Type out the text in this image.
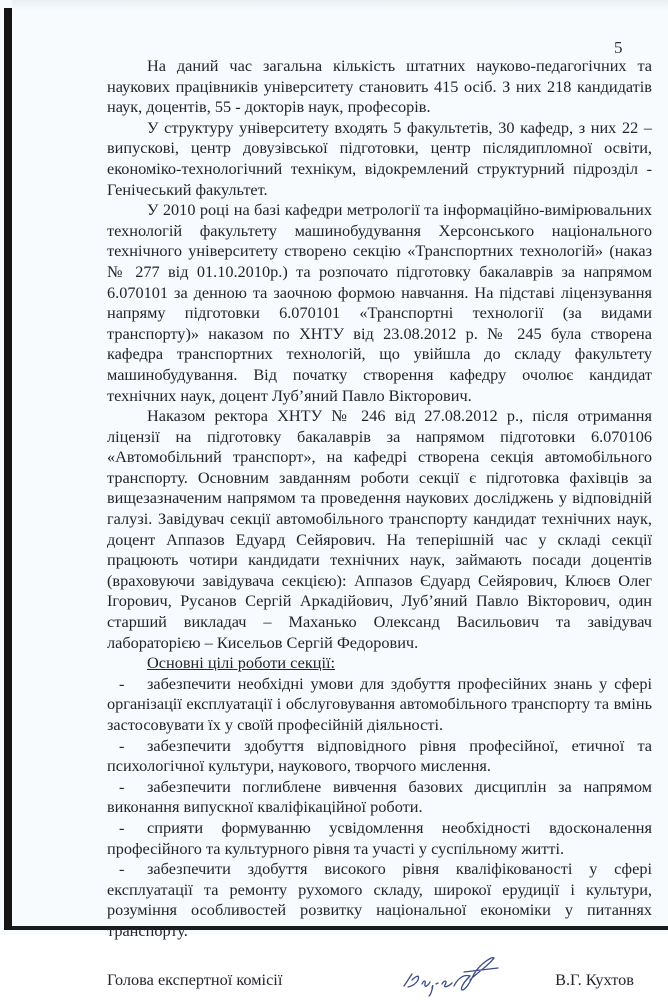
5

На даний час загальна кількість штатних науково-педагогічних та наукових працівників університету становить 415 осіб. З них 218 кандидатів наук, доцентів, 55 - докторів наук, професорів.

У структуру університету входять 5 факультетів, 30 кафедр, з них 22 – випускові, центр довузівської підготовки, центр післядипломної освіти, економіко-технологічний технікум, відокремлений структурний підрозділ - Генічеський факультет.

У 2010 році на базі кафедри метрології та інформаційно-вимірювальних технологій факультету машинобудування Херсонського національного технічного університету створено секцію «Транспортних технологій» (наказ № 277 від 01.10.2010р.) та розпочато підготовку бакалаврів за напрямом 6.070101 за денною та заочною формою навчання. На підставі ліцензування напряму підготовки 6.070101 «Транспортні технології (за видами транспорту)» наказом по ХНТУ від 23.08.2012 р. № 245 була створена кафедра транспортних технологій, що увійшла до складу факультету машинобудування. Від початку створення кафедру очолює кандидат технічних наук, доцент Луб’яний Павло Вікторович.

Наказом ректора ХНТУ № 246 від 27.08.2012 р., після отримання ліцензії на підготовку бакалаврів за напрямом підготовки 6.070106 «Автомобільний транспорт», на кафедрі створена секція автомобільного транспорту. Основним завданням роботи секції є підготовка фахівців за вищезазначеним напрямом та проведення наукових досліджень у відповідній галузі. Завідувач секції автомобільного транспорту кандидат технічних наук, доцент Аппазов Едуард Сейярович. На теперішній час у складі секції працюють чотири кандидати технічних наук, займають посади доцентів (враховуючи завідувача секцією): Аппазов Єдуард Сейярович, Клюєв Олег Ігорович, Русанов Сергій Аркадійович, Луб’яний Павло Вікторович, один старший викладач – Маханько Олександ Васильович та завідувач лабораторією – Кисельов Сергій Федорович.

Основні цілі роботи секції:

- забезпечити необхідні умови для здобуття професійних знань у сфері організації експлуатації і обслуговування автомобільного транспорту та вмінь застосовувати їх у своїй професійній діяльності.

- забезпечити здобуття відповідного рівня професійної, етичної та психологічної культури, наукового, творчого мислення.

- забезпечити поглиблене вивчення базових дисциплін за напрямом виконання випускної кваліфікаційної роботи.

- сприяти формуванню усвідомлення необхідності вдосконалення професійного та культурного рівня та участі у суспільному житті.

- забезпечити здобуття високого рівня кваліфікованості у сфері експлуатації та ремонту рухомого складу, широкої ерудиції і культури, розуміння особливостей розвитку національної економіки у питаннях транспорту.

Голова експертної комісії	В.Г. Кухтов
